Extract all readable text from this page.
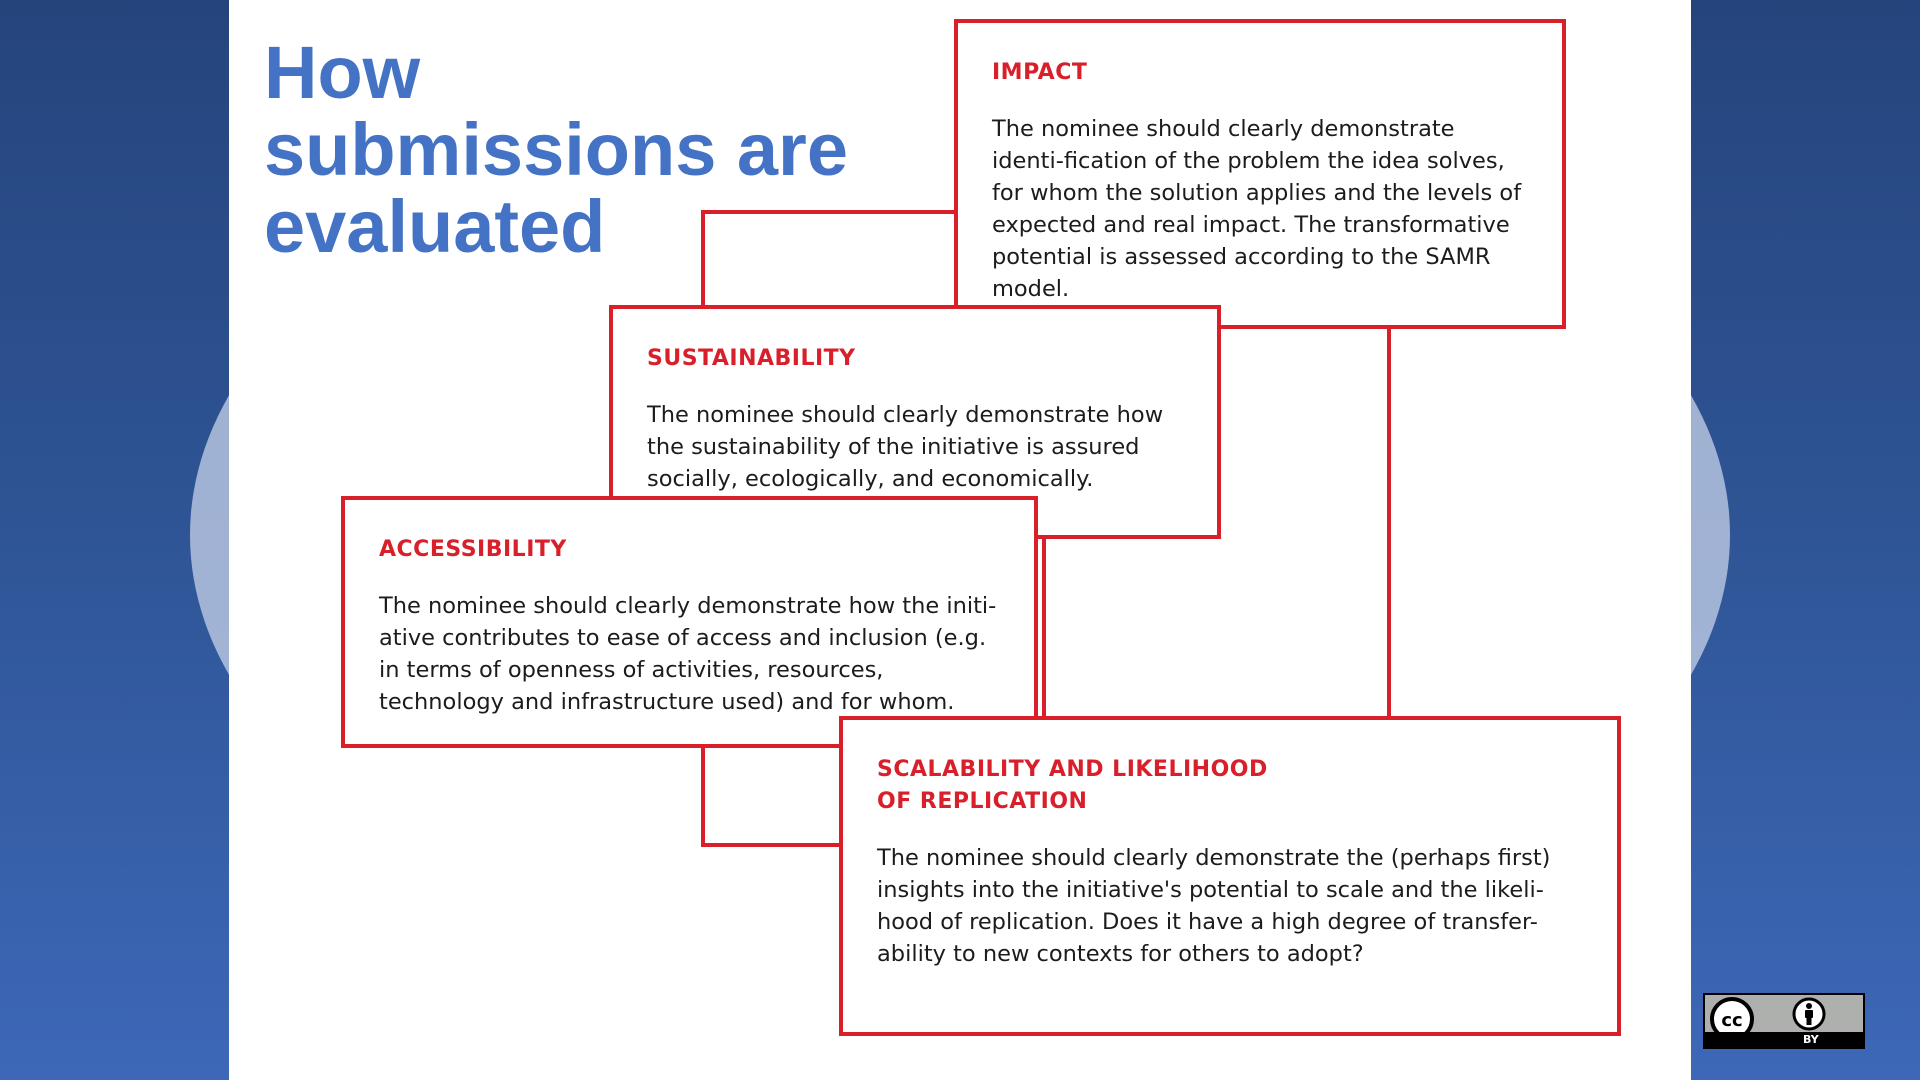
How submissions are evaluated
IMPACT

The nominee should clearly demonstrate identi-fication of the problem the idea solves, for whom the solution applies and the levels of expected and real impact. The transformative potential is assessed according to the SAMR model.

SUSTAINABILITY

The nominee should clearly demonstrate how the sustainability of the initiative is assured socially, ecologically, and economically.

ACCESSIBILITY

The nominee should clearly demonstrate how the initi-ative contributes to ease of access and inclusion (e.g. in terms of openness of activities, resources, technology and infrastructure used) and for whom.

SCALABILITY AND LIKELIHOOD
OF REPLICATION

The nominee should clearly demonstrate the (perhaps first) insights into the initiative's potential to scale and the likeli-hood of replication. Does it have a high degree of transfer-ability to new contexts for others to adopt?

cc
BY
